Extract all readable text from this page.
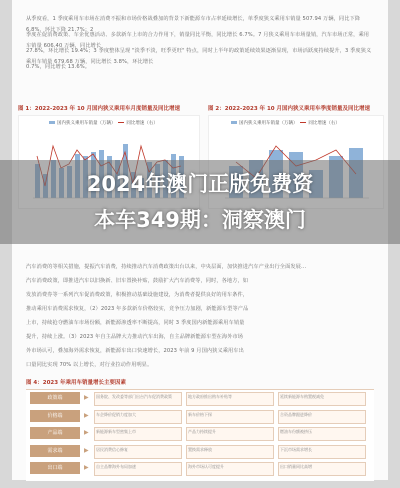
从季度看，1 季度乘用车市场在消费不振和市场价格战叠加的背景下新能源车市占率延续增长，单季度狭义乘用车销量 507.94 万辆，同比下降 6.8%，环比下降 21.7%；2
季度在促消费政策、车企优惠活动、多款新车上市的合力作用下，销量同比平衡，同比增长 6.7%。7 月狭义乘用车市场量销，汽车市场正常，乘用车销量 606.40 万辆，同比增长
27.8%，环比增长 19.4%；3 季度整体呈现 "淡季不淡，旺季更旺" 特点，同时上半年的政策延续效果逐渐显现，市场活跃度持续提升，3 季度狭义乘用车销量 679.68 万辆，同比增长 3.8%，环比增长
0.7%，同比增长 13.6%。
图 1：2022-2023 年 10 月国内狭义乘用车月度销量及同比增速	图 2：2022-2023 年 10 月国内狭义乘用车季度销量及同比增速
国内狭义乘用车销量（万辆） 同比增速（右）	国内狭义乘用车销量（万辆） 同比增速（右）
汽车消费的等相关措施，提振汽车消费，持续推动汽车消费政策出台以来，中央层面，加快推进汽车产业出行全面发展...
汽车消费政策，即推进汽车以旧换新、旧车置换补贴，鼓励扩大汽车消费等，同时，各地方，如
发放消费券等一系列汽车促消费政策，积极推动基础设施建设，为消费者提供良好的用车条件，
推动乘用车消费需求恢复，（2）2023 年多款新车价格较实，竞争压力加剧，新能源车型等产品
上市，持续抢夺燃油车市场份额，新能源渗透率不断提高，同时 3 季度国内新能源乘用车销量
提升，持续上涨。（3）2023 年自主品牌大力推动汽车出海，自主品牌新能源车型在海外市场
外市场认可，叠加海外需求恢复，新能源车出口快速增长，2023 年前 9 月国内狭义乘用车出
口量同比实现 70% 以上增长，对行业拉动作用明显。
图 4：2023 年乘用车销量增长主要因素
政策端	▶	国务院、发改委等部门出台汽车促消费政策	地方政府推出购车补贴等	延续新能源车购置税减免
价格端	▶	车企降价促销力度加大	新车价格下探	合资品牌跟进降价
产品端	▶	新能源新车型密集上市	产品力持续提升	燃油车份额被挤压
需求端	▶	居民消费信心修复	置换需求释放	下沉市场需求增长
出口端	▶	自主品牌海外布局加速	海外市场认可度提升	出口销量同比高增
2024年澳门正版免费资
本车349期：洞察澳门
